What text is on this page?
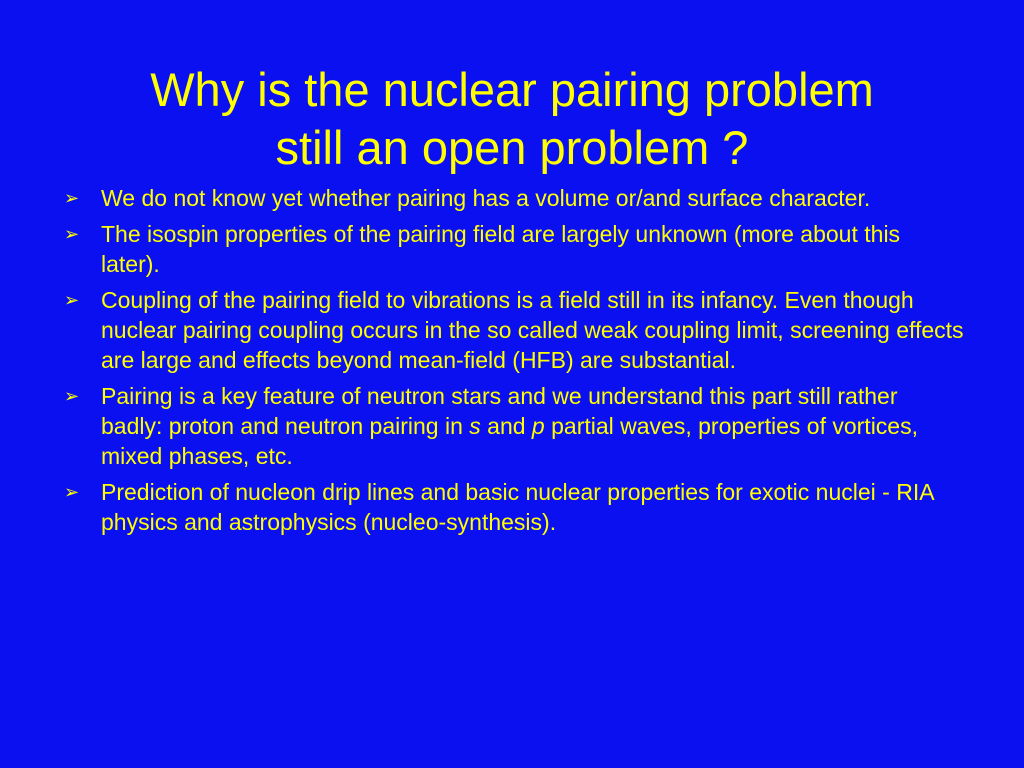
Why is the nuclear pairing problem
still an open problem ?
➢ We do not know yet whether pairing has a volume or/and surface character.
➢ The isospin properties of the pairing field are largely unknown (more about this later).
➢ Coupling of the pairing field to vibrations is a field still in its infancy. Even though nuclear pairing coupling occurs in the so called weak coupling limit, screening effects are large and effects beyond mean-field (HFB) are substantial.
➢ Pairing is a key feature of neutron stars and we understand this part still rather badly: proton and neutron pairing in s and p partial waves, properties of vortices, mixed phases, etc.
➢ Prediction of nucleon drip lines and basic nuclear properties for exotic nuclei - RIA physics and astrophysics (nucleo-synthesis).
